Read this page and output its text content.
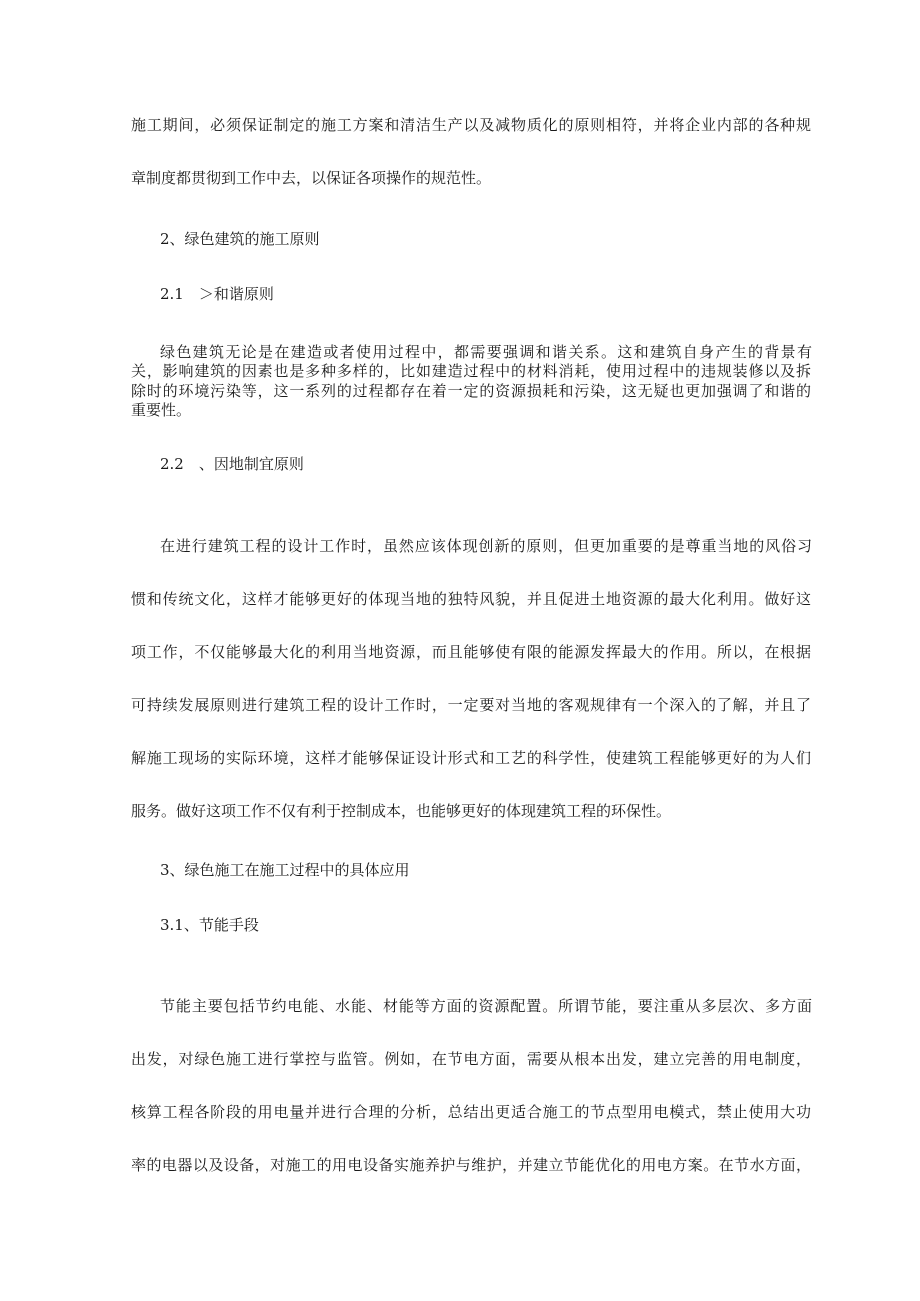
施工期间，必须保证制定的施工方案和清洁生产以及减物质化的原则相符，并将企业内部的各种规
章制度都贯彻到工作中去，以保证各项操作的规范性。
2、绿色建筑的施工原则
2.1　＞和谐原则
绿色建筑无论是在建造或者使用过程中，都需要强调和谐关系。这和建筑自身产生的背景有
关，影响建筑的因素也是多种多样的，比如建造过程中的材料消耗，使用过程中的违规装修以及拆
除时的环境污染等，这一系列的过程都存在着一定的资源损耗和污染，这无疑也更加强调了和谐的
重要性。
2.2　、因地制宜原则
在进行建筑工程的设计工作时，虽然应该体现创新的原则，但更加重要的是尊重当地的风俗习
惯和传统文化，这样才能够更好的体现当地的独特风貌，并且促进土地资源的最大化利用。做好这
项工作，不仅能够最大化的利用当地资源，而且能够使有限的能源发挥最大的作用。所以，在根据
可持续发展原则进行建筑工程的设计工作时，一定要对当地的客观规律有一个深入的了解，并且了
解施工现场的实际环境，这样才能够保证设计形式和工艺的科学性，使建筑工程能够更好的为人们
服务。做好这项工作不仅有利于控制成本，也能够更好的体现建筑工程的环保性。
3、绿色施工在施工过程中的具体应用
3.1、节能手段
节能主要包括节约电能、水能、材能等方面的资源配置。所谓节能，要注重从多层次、多方面
出发，对绿色施工进行掌控与监管。例如，在节电方面，需要从根本出发，建立完善的用电制度，
核算工程各阶段的用电量并进行合理的分析，总结出更适合施工的节点型用电模式，禁止使用大功
率的电器以及设备，对施工的用电设备实施养护与维护，并建立节能优化的用电方案。在节水方面，
